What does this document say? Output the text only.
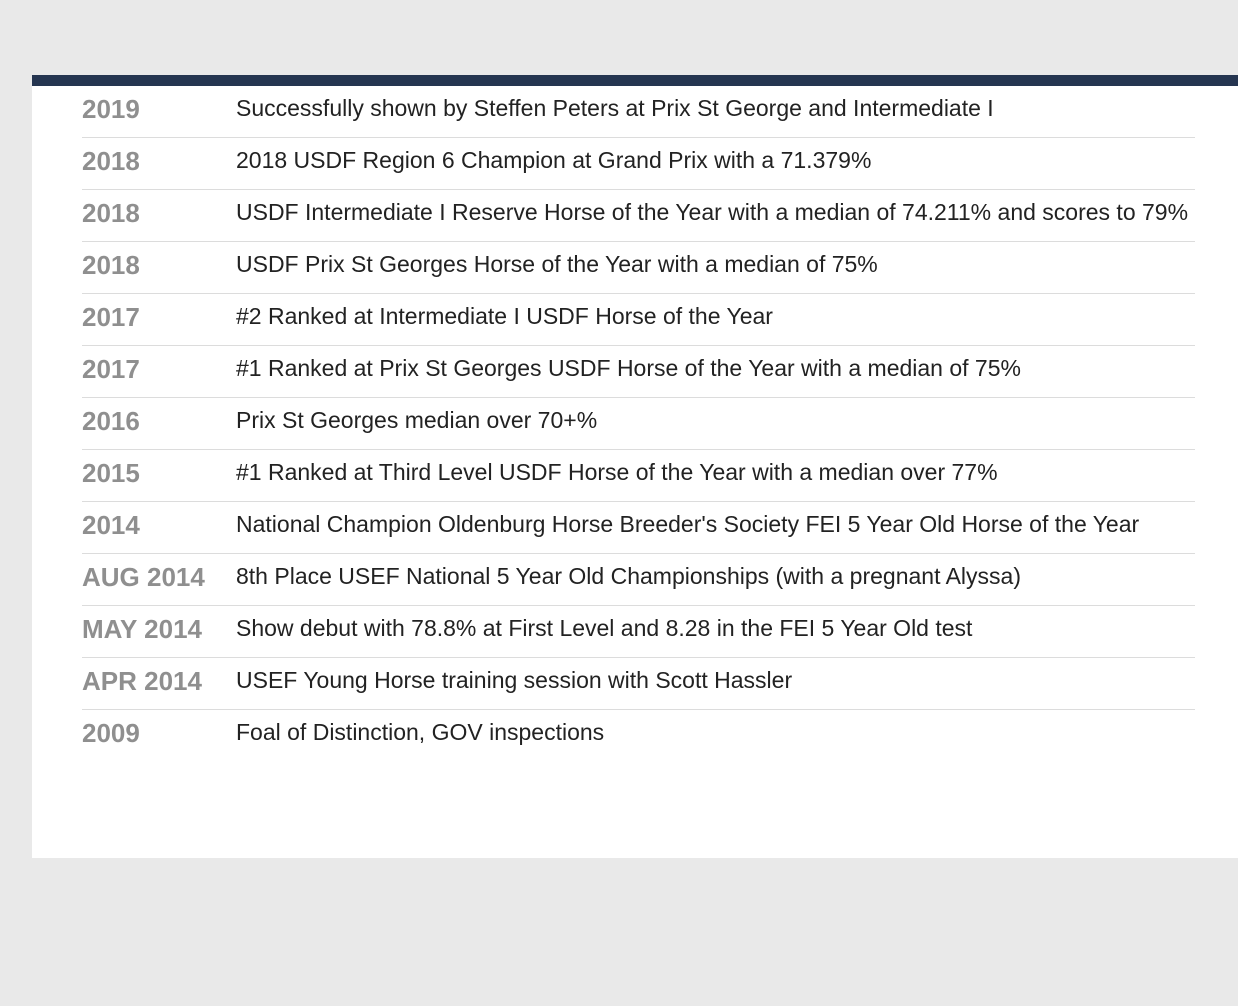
2019	Successfully shown by Steffen Peters at Prix St George and Intermediate I
2018	2018 USDF Region 6 Champion at Grand Prix with a 71.379%
2018	USDF Intermediate I Reserve Horse of the Year with a median of 74.211% and scores to 79%
2018	USDF Prix St Georges Horse of the Year with a median of 75%
2017	#2 Ranked at Intermediate I USDF Horse of the Year
2017	#1 Ranked at Prix St Georges USDF Horse of the Year with a median of 75%
2016	Prix St Georges median over 70+%
2015	#1 Ranked at Third Level USDF Horse of the Year with a median over 77%
2014	National Champion Oldenburg Horse Breeder's Society FEI 5 Year Old Horse of the Year
AUG 2014	8th Place USEF National 5 Year Old Championships (with a pregnant Alyssa)
MAY 2014	Show debut with 78.8% at First Level and 8.28 in the FEI 5 Year Old test
APR 2014	USEF Young Horse training session with Scott Hassler
2009	Foal of Distinction, GOV inspections
